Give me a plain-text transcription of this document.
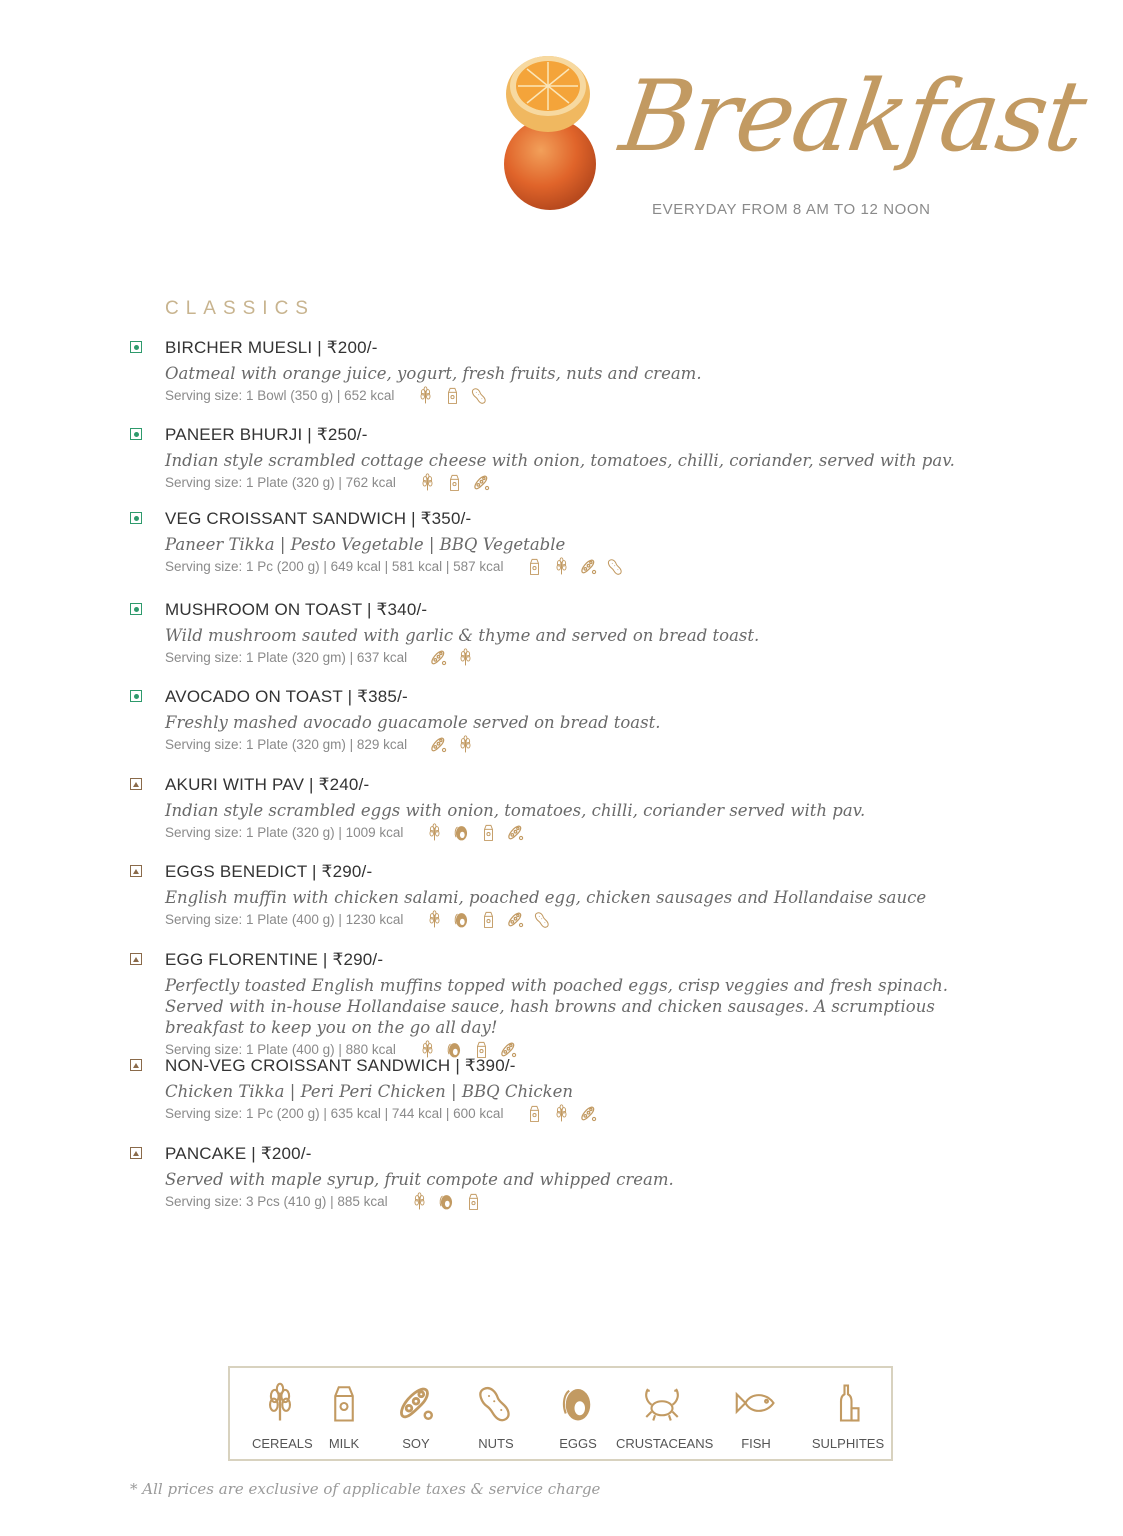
Breakfast
EVERYDAY FROM 8 AM TO 12 NOON
CLASSICS
BIRCHER MUESLI | ₹200/-
Oatmeal with orange juice, yogurt, fresh fruits, nuts and cream.
Serving size: 1 Bowl (350 g) | 652 kcal
PANEER BHURJI | ₹250/-
Indian style scrambled cottage cheese with onion, tomatoes, chilli, coriander, served with pav.
Serving size: 1 Plate (320 g) | 762 kcal
VEG CROISSANT SANDWICH | ₹350/-
Paneer Tikka | Pesto Vegetable | BBQ Vegetable
Serving size: 1 Pc (200 g) | 649 kcal | 581 kcal | 587 kcal
MUSHROOM ON TOAST | ₹340/-
Wild mushroom sauted with garlic & thyme and served on bread toast.
Serving size: 1 Plate (320 gm) | 637 kcal
AVOCADO ON TOAST | ₹385/-
Freshly mashed avocado guacamole served on bread toast.
Serving size: 1 Plate (320 gm) | 829 kcal
AKURI WITH PAV | ₹240/-
Indian style scrambled eggs with onion, tomatoes, chilli, coriander served with pav.
Serving size: 1 Plate (320 g) | 1009 kcal
EGGS BENEDICT | ₹290/-
English muffin with chicken salami, poached egg, chicken sausages and Hollandaise sauce
Serving size: 1 Plate (400 g) | 1230 kcal
EGG FLORENTINE | ₹290/-
Perfectly toasted English muffins topped with poached eggs, crisp veggies and fresh spinach. Served with in-house Hollandaise sauce, hash browns and chicken sausages. A scrumptious breakfast to keep you on the go all day!
Serving size: 1 Plate (400 g) | 880 kcal
NON-VEG CROISSANT SANDWICH | ₹390/-
Chicken Tikka | Peri Peri Chicken | BBQ Chicken
Serving size: 1 Pc (200 g) | 635 kcal | 744 kcal | 600 kcal
PANCAKE | ₹200/-
Served with maple syrup, fruit compote and whipped cream.
Serving size: 3 Pcs (410 g) | 885 kcal
CEREALS	MILK	SOY	NUTS	EGGS	CRUSTACEANS	FISH	SULPHITES
* All prices are exclusive of applicable taxes & service charge
